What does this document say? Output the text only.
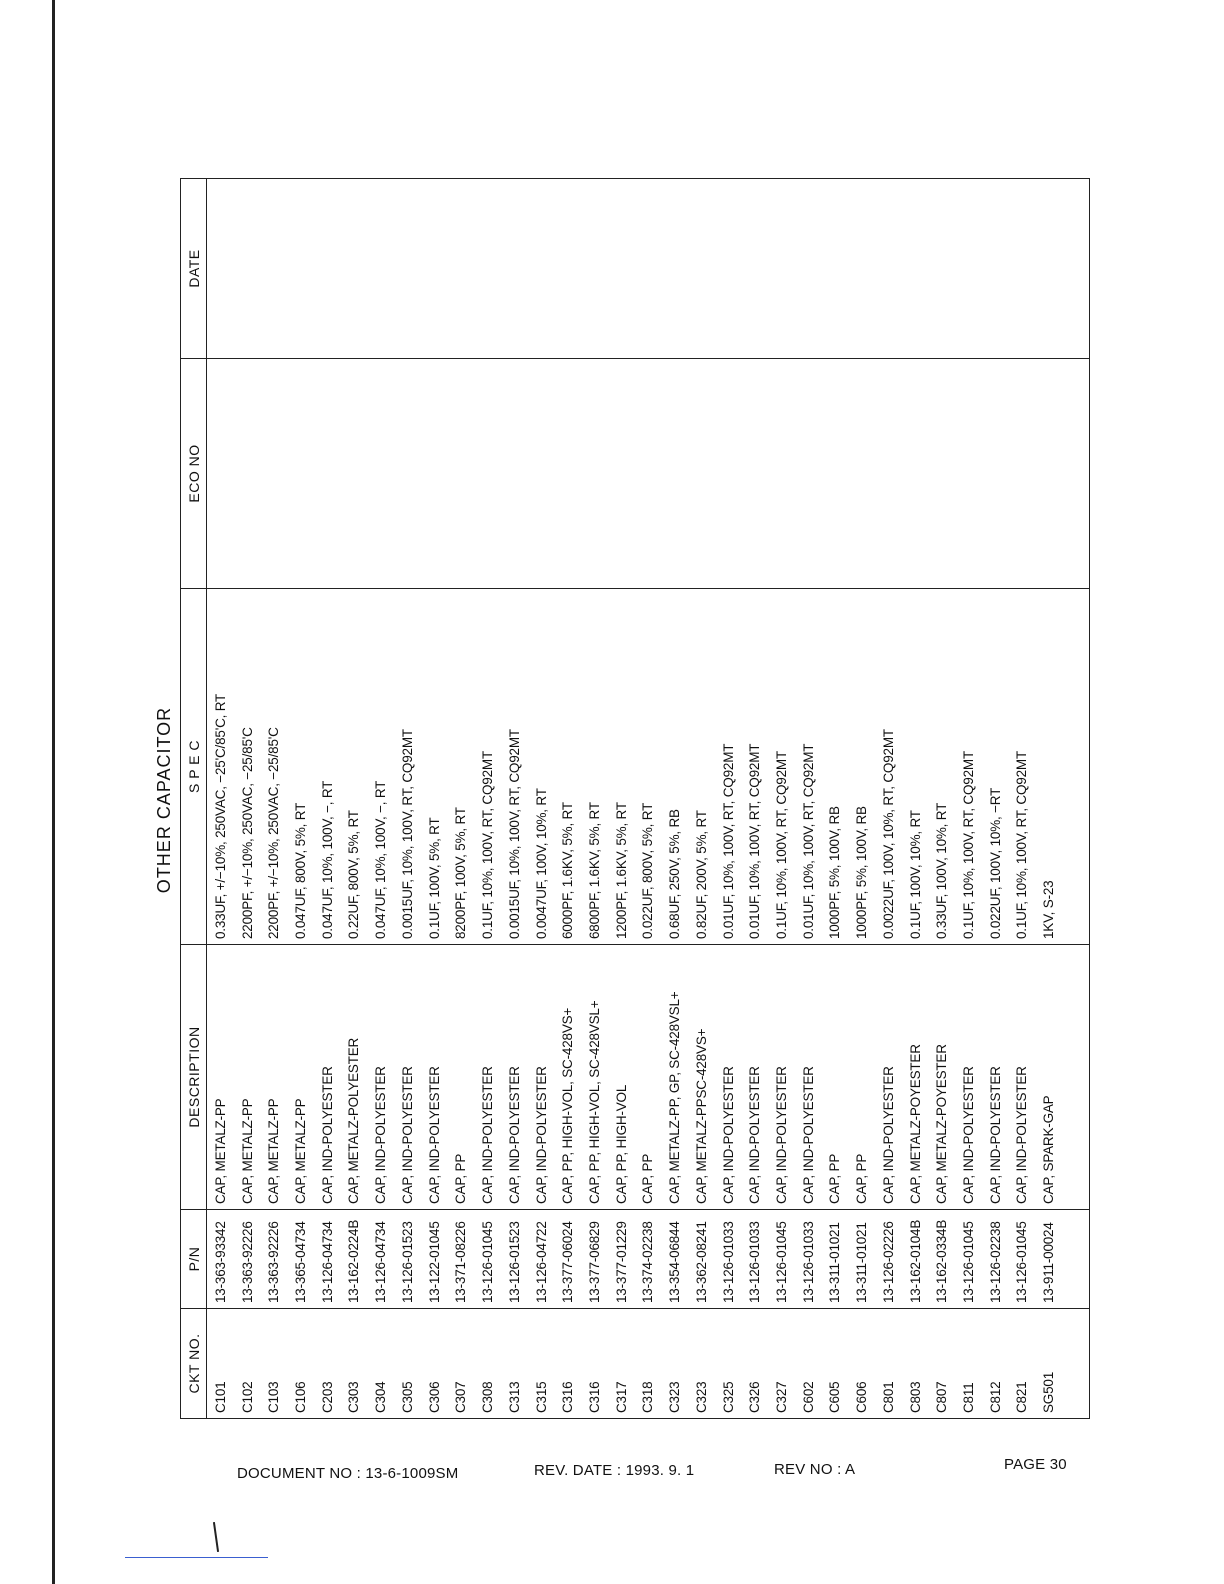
OTHER CAPACITOR
CKT NO.	P/N	DESCRIPTION	S P E C	ECO NO	DATE
C101	13-363-93342	CAP, METALZ-PP	0.33UF, +/−10%, 250VAC, −25'C/85'C, RT		
C102	13-363-92226	CAP, METALZ-PP	2200PF, +/−10%, 250VAC, −25/85'C		
C103	13-363-92226	CAP, METALZ-PP	2200PF, +/−10%, 250VAC, −25/85'C		
C106	13-365-04734	CAP, METALZ-PP	0.047UF, 800V, 5%, RT		
C203	13-126-04734	CAP, IND-POLYESTER	0.047UF, 10%, 100V, −, RT		
C303	13-162-0224B	CAP, METALZ-POLYESTER	0.22UF, 800V, 5%, RT		
C304	13-126-04734	CAP, IND-POLYESTER	0.047UF, 10%, 100V, −, RT		
C305	13-126-01523	CAP, IND-POLYESTER	0.0015UF, 10%, 100V, RT, CQ92MT		
C306	13-122-01045	CAP, IND-POLYESTER	0.1UF, 100V, 5%, RT		
C307	13-371-08226	CAP, PP	8200PF, 100V, 5%, RT		
C308	13-126-01045	CAP, IND-POLYESTER	0.1UF, 10%, 100V, RT, CQ92MT		
C313	13-126-01523	CAP, IND-POLYESTER	0.0015UF, 10%, 100V, RT, CQ92MT		
C315	13-126-04722	CAP, IND-POLYESTER	0.0047UF, 100V, 10%, RT		
C316	13-377-06024	CAP, PP, HIGH-VOL, SC-428VS+	6000PF, 1.6KV, 5%, RT		
C316	13-377-06829	CAP, PP, HIGH-VOL, SC-428VSL+	6800PF, 1.6KV, 5%, RT		
C317	13-377-01229	CAP, PP, HIGH-VOL	1200PF, 1.6KV, 5%, RT		
C318	13-374-02238	CAP, PP	0.022UF, 800V, 5%, RT		
C323	13-354-06844	CAP, METALZ-PP, GP, SC-428VSL+	0.68UF, 250V, 5%, RB		
C323	13-362-08241	CAP, METALZ-PPSC-428VS+	0.82UF, 200V, 5%, RT		
C325	13-126-01033	CAP, IND-POLYESTER	0.01UF, 10%, 100V, RT, CQ92MT		
C326	13-126-01033	CAP, IND-POLYESTER	0.01UF, 10%, 100V, RT, CQ92MT		
C327	13-126-01045	CAP, IND-POLYESTER	0.1UF, 10%, 100V, RT, CQ92MT		
C602	13-126-01033	CAP, IND-POLYESTER	0.01UF, 10%, 100V, RT, CQ92MT		
C605	13-311-01021	CAP, PP	1000PF, 5%, 100V, RB		
C606	13-311-01021	CAP, PP	1000PF, 5%, 100V, RB		
C801	13-126-02226	CAP, IND-POLYESTER	0.0022UF, 100V, 10%, RT, CQ92MT		
C803	13-162-0104B	CAP, METALZ-POYESTER	0.1UF, 100V, 10%, RT		
C807	13-162-0334B	CAP, METALZ-POYESTER	0.33UF, 100V, 10%, RT		
C811	13-126-01045	CAP, IND-POLYESTER	0.1UF, 10%, 100V, RT, CQ92MT		
C812	13-126-02238	CAP, IND-POLYESTER	0.022UF, 100V, 10%, −RT		
C821	13-126-01045	CAP, IND-POLYESTER	0.1UF, 10%, 100V, RT, CQ92MT		
SG501	13-911-00024	CAP, SPARK-GAP	1KV, S-23		

DOCUMENT NO : 13-6-1009SM	REV. DATE : 1993. 9. 1	REV NO : A	PAGE 30
